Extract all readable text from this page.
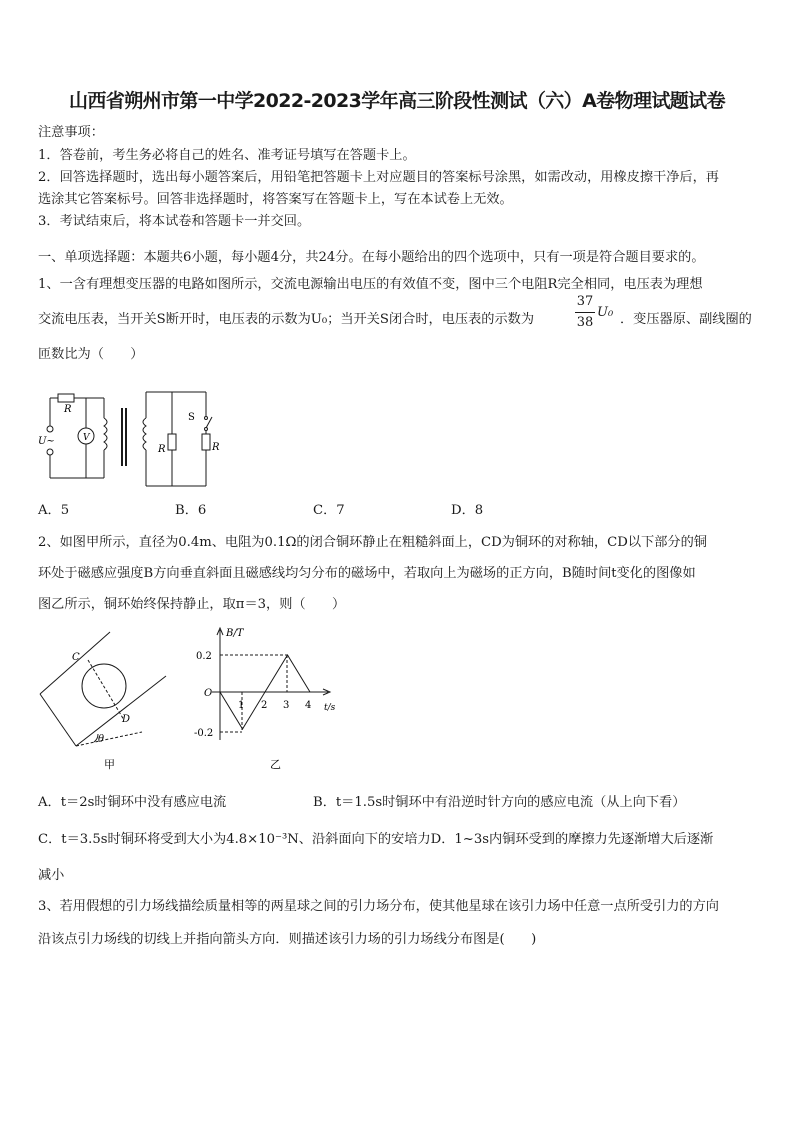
山西省朔州市第一中学2022-2023学年高三阶段性测试（六）A卷物理试题试卷
注意事项：
1．答卷前，考生务必将自己的姓名、准考证号填写在答题卡上。
2．回答选择题时，选出每小题答案后，用铅笔把答题卡上对应题目的答案标号涂黑，如需改动，用橡皮擦干净后，再
选涂其它答案标号。回答非选择题时，将答案写在答题卡上，写在本试卷上无效。
3．考试结束后，将本试卷和答题卡一并交回。
一、单项选择题：本题共6小题，每小题4分，共24分。在每小题给出的四个选项中，只有一项是符合题目要求的。
1、一含有理想变压器的电路如图所示，交流电源输出电压的有效值不变，图中三个电阻R完全相同，电压表为理想
交流电压表，当开关S断开时，电压表的示数为U₀；当开关S闭合时，电压表的示数为
37
38
U₀ ．变压器原、副线圈的
匝数比为（　　）
R
U~	V
R
S
R
A．5	B．6	C．7	D．8
2、如图甲所示，直径为0.4m、电阻为0.1Ω的闭合铜环静止在粗糙斜面上，CD为铜环的对称轴，CD以下部分的铜
环处于磁感应强度B方向垂直斜面且磁感线均匀分布的磁场中，若取向上为磁场的正方向，B随时间t变化的图像如
图乙所示，铜环始终保持静止，取π＝3，则（　　）
C
D
θ
甲
B/T
t/s
O
0.2
-0.2
1 2 3 4
乙
A．t＝2s时铜环中没有感应电流	B．t＝1.5s时铜环中有沿逆时针方向的感应电流（从上向下看）
C．t＝3.5s时铜环将受到大小为4.8×10⁻³N、沿斜面向下的安培力D．1~3s内铜环受到的摩擦力先逐渐增大后逐渐
减小
3、若用假想的引力场线描绘质量相等的两星球之间的引力场分布，使其他星球在该引力场中任意一点所受引力的方向
沿该点引力场线的切线上并指向箭头方向．则描述该引力场的引力场线分布图是(　　)
